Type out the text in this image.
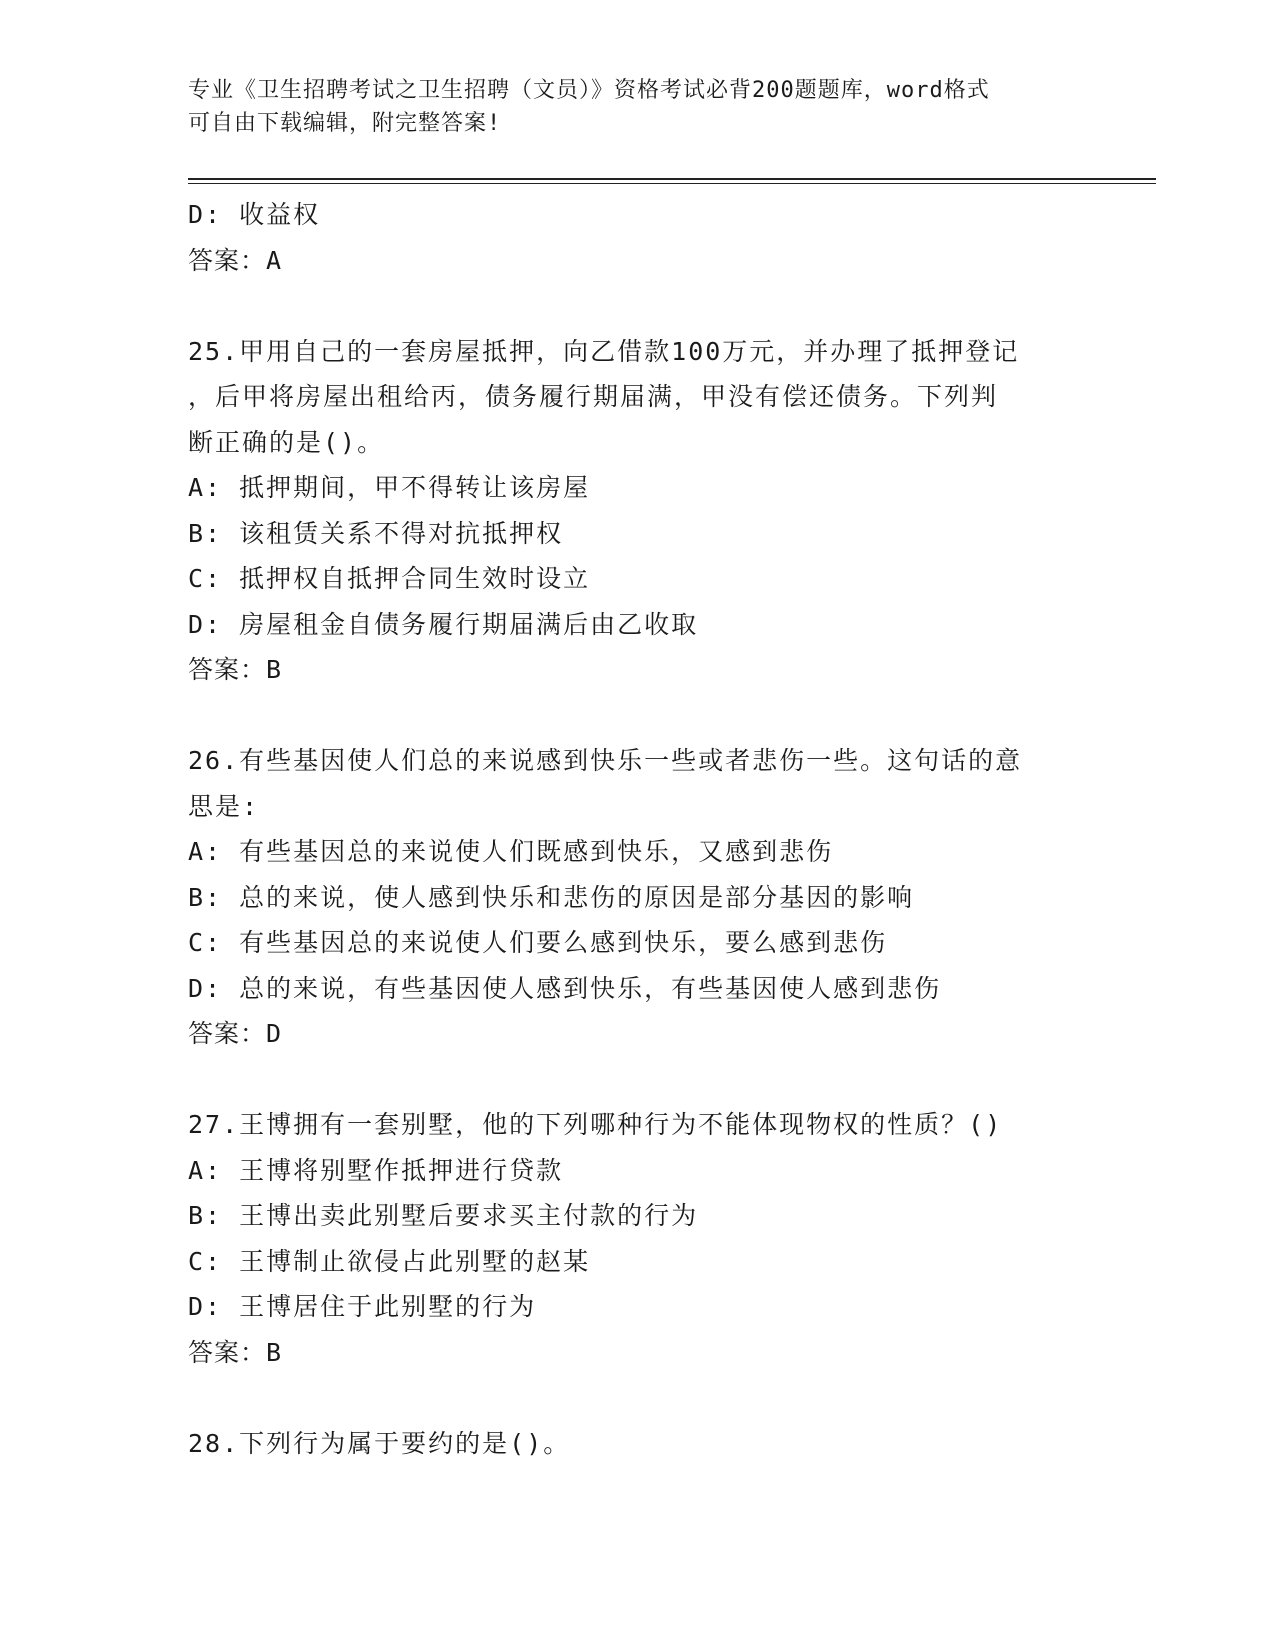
专业《卫生招聘考试之卫生招聘（文员）》资格考试必背200题题库，word格式
可自由下载编辑，附完整答案!
D: 收益权
答案：A
25.甲用自己的一套房屋抵押，向乙借款100万元，并办理了抵押登记
，后甲将房屋出租给丙，债务履行期届满，甲没有偿还债务。下列判
断正确的是()。
A: 抵押期间，甲不得转让该房屋
B: 该租赁关系不得对抗抵押权
C: 抵押权自抵押合同生效时设立
D: 房屋租金自债务履行期届满后由乙收取
答案：B
26.有些基因使人们总的来说感到快乐一些或者悲伤一些。这句话的意
思是:
A: 有些基因总的来说使人们既感到快乐，又感到悲伤
B: 总的来说，使人感到快乐和悲伤的原因是部分基因的影响
C: 有些基因总的来说使人们要么感到快乐，要么感到悲伤
D: 总的来说，有些基因使人感到快乐，有些基因使人感到悲伤
答案：D
27.王博拥有一套别墅，他的下列哪种行为不能体现物权的性质？()
A: 王博将别墅作抵押进行贷款
B: 王博出卖此别墅后要求买主付款的行为
C: 王博制止欲侵占此别墅的赵某
D: 王博居住于此别墅的行为
答案：B
28.下列行为属于要约的是()。
